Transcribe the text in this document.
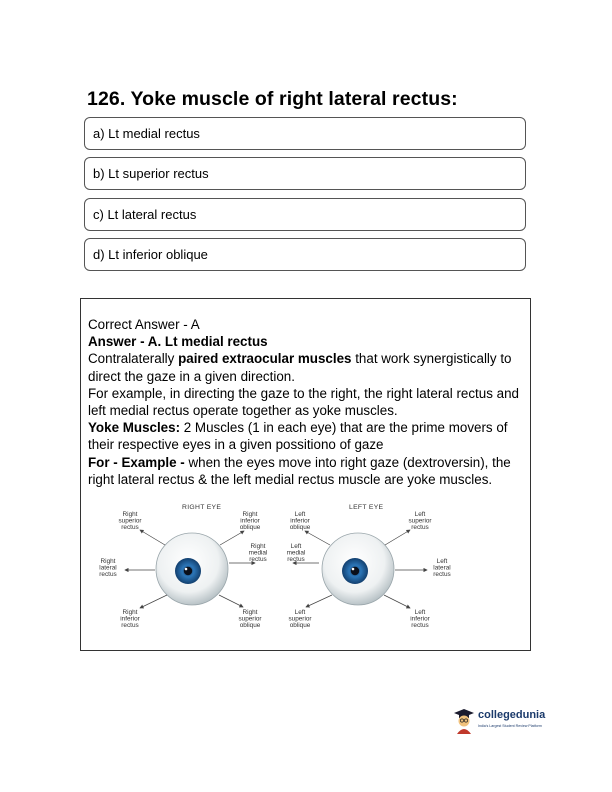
126. Yoke muscle of right lateral rectus:
a) Lt medial rectus
b) Lt superior rectus
c) Lt lateral rectus
d) Lt inferior oblique

Correct Answer - A

Answer - A. Lt medial rectus

Contralaterally paired extraocular muscles that work synergistically to direct the gaze in a given direction.

For example, in directing the gaze to the right, the right lateral rectus and left medial rectus operate together as yoke muscles.

Yoke Muscles: 2 Muscles (1 in each eye) that are the prime movers of their respective eyes in a given possitiono of gaze

For - Example - when the eyes move into right gaze (dextroversin), the right lateral rectus & the left medial rectus muscle are yoke muscles.

RIGHT EYE	LEFT EYE
Right superior rectus
Right inferior oblique
Left inferior oblique
Left superior rectus
Right medial rectus
Left medial rectus
Right lateral rectus
Left lateral rectus
Right inferior rectus
Right superior oblique
Left superior oblique
Left inferior rectus
collegedunia
India's Largest Student Review Platform
